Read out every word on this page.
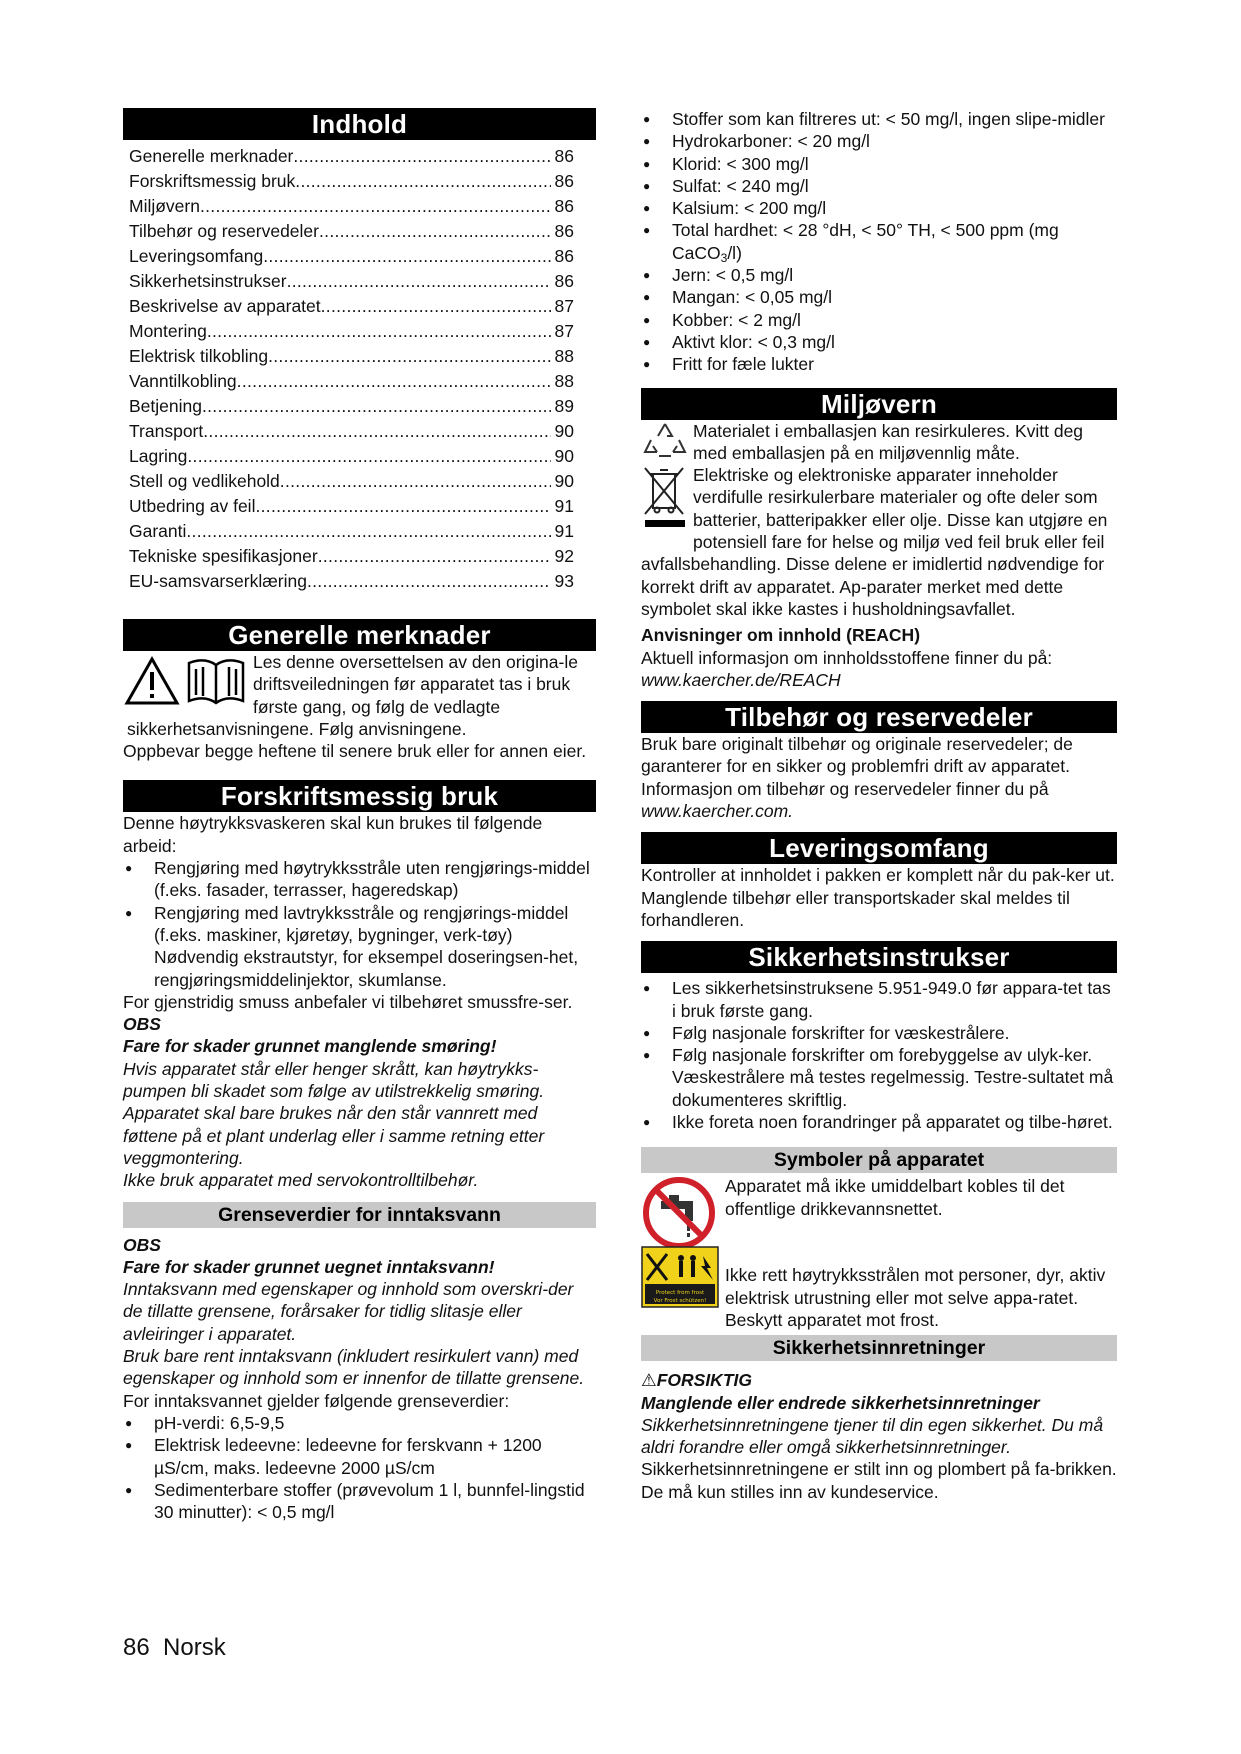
Indhold
Generelle merknader .....	86
Forskriftsmessig bruk .....	86
Miljøvern .....	86
Tilbehør og reservedeler .....	86
Leveringsomfang .....	86
Sikkerhetsinstrukser .....	86
Beskrivelse av apparatet .....	87
Montering .....	87
Elektrisk tilkobling .....	88
Vanntilkobling .....	88
Betjening .....	89
Transport .....	90
Lagring .....	90
Stell og vedlikehold .....	90
Utbedring av feil .....	91
Garanti .....	91
Tekniske spesifikasjoner .....	92
EU-samsvarserklæring .....	93
Generelle merknader

Les denne oversettelsen av den origina-le driftsveiledningen før apparatet tas i bruk første gang, og følg de vedlagte sikkerhetsanvisningene. Følg anvisningene.

Oppbevar begge heftene til senere bruk eller for annen eier.

Forskriftsmessig bruk

Denne høytrykksvaskeren skal kun brukes til følgende arbeid:

● Rengjøring med høytrykksstråle uten rengjørings-middel (f.eks. fasader, terrasser, hageredskap)
● Rengjøring med lavtrykksstråle og rengjørings-middel (f.eks. maskiner, kjøretøy, bygninger, verk-tøy)
Nødvendig ekstrautstyr, for eksempel doseringsen-het, rengjøringsmiddelinjektor, skumlanse.

For gjenstridig smuss anbefaler vi tilbehøret smussfre-ser.

OBS

Fare for skader grunnet manglende smøring!

Hvis apparatet står eller henger skrått, kan høytrykks-pumpen bli skadet som følge av utilstrekkelig smøring. Apparatet skal bare brukes når den står vannrett med føttene på et plant underlag eller i samme retning etter veggmontering.

Ikke bruk apparatet med servokontrolltilbehør.

Grenseverdier for inntaksvann

OBS

Fare for skader grunnet uegnet inntaksvann!

Inntaksvann med egenskaper og innhold som overskri-der de tillatte grensene, forårsaker for tidlig slitasje eller avleiringer i apparatet.

Bruk bare rent inntaksvann (inkludert resirkulert vann) med egenskaper og innhold som er innenfor de tillatte grensene.

For inntaksvannet gjelder følgende grenseverdier:

● pH-verdi: 6,5-9,5
● Elektrisk ledeevne: ledeevne for ferskvann + 1200 µS/cm, maks. ledeevne 2000 µS/cm
● Sedimenterbare stoffer (prøvevolum 1 l, bunnfel-lingstid 30 minutter): < 0,5 mg/l
● Stoffer som kan filtreres ut: < 50 mg/l, ingen slipe-midler
● Hydrokarboner: < 20 mg/l
● Klorid: < 300 mg/l
● Sulfat: < 240 mg/l
● Kalsium: < 200 mg/l
● Total hardhet: < 28 °dH, < 50° TH, < 500 ppm (mg CaCO$_3$/l)
● Jern: < 0,5 mg/l
● Mangan: < 0,05 mg/l
● Kobber: < 2 mg/l
● Aktivt klor: < 0,3 mg/l
● Fritt for fæle lukter
Miljøvern

Materialet i emballasjen kan resirkuleres. Kvitt deg med emballasjen på en miljøvennlig måte.

Elektriske og elektroniske apparater inneholder verdifulle resirkulerbare materialer og ofte deler som batterier, batteripakker eller olje. Disse kan utgjøre en potensiell fare for helse og miljø ved feil bruk eller feil avfallsbehandling. Disse delene er imidlertid nødvendige for korrekt drift av apparatet. Ap-parater merket med dette symbolet skal ikke kastes i husholdningsavfallet.

Anvisninger om innhold (REACH)

Aktuell informasjon om innholdsstoffene finner du på:

www.kaercher.de/REACH

Tilbehør og reservedeler

Bruk bare originalt tilbehør og originale reservedeler; de garanterer for en sikker og problemfri drift av apparatet. Informasjon om tilbehør og reservedeler finner du på

www.kaercher.com.

Leveringsomfang

Kontroller at innholdet i pakken er komplett når du pak-ker ut. Manglende tilbehør eller transportskader skal meldes til forhandleren.

Sikkerhetsinstrukser
● Les sikkerhetsinstruksene 5.951-949.0 før appara-tet tas i bruk første gang.
● Følg nasjonale forskrifter for væskestrålere.
● Følg nasjonale forskrifter om forebyggelse av ulyk-ker. Væskestrålere må testes regelmessig. Testre-sultatet må dokumenteres skriftlig.
● Ikke foreta noen forandringer på apparatet og tilbe-høret.
Symboler på apparatet

Apparatet må ikke umiddelbart kobles til det offentlige drikkevannsnettet.

Protect from frost
Vor Frost schützen!

Ikke rett høytrykksstrålen mot personer, dyr, aktiv elektrisk utrustning eller mot selve appa-ratet. Beskytt apparatet mot frost.

Sikkerhetsinnretninger

⚠FORSIKTIG

Manglende eller endrede sikkerhetsinnretninger

Sikkerhetsinnretningene tjener til din egen sikkerhet. Du må aldri forandre eller omgå sikkerhetsinnretninger.

Sikkerhetsinnretningene er stilt inn og plombert på fa-brikken. De må kun stilles inn av kundeservice.

86 Norsk
